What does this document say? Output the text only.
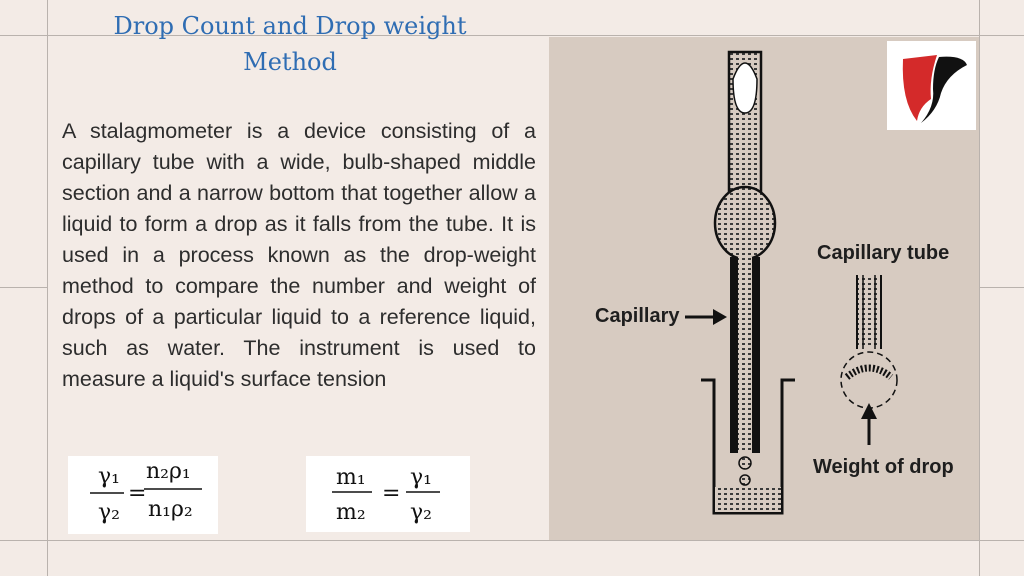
Drop Count and Drop weight
Method
A stalagmometer is a device consisting of a capillary tube with a wide, bulb-shaped middle section and a narrow bottom that together allow a liquid to form a drop as it falls from the tube. It is used in a process known as the drop-weight method to compare the number and weight of drops of a particular liquid to a reference liquid, such as water. The instrument is used to measure a liquid's surface tension
γ₁
γ₂
=
n₂ρ₁
n₁ρ₂
m₁
m₂
=
γ₁
γ₂
Capillary
Capillary tube
Weight of drop
